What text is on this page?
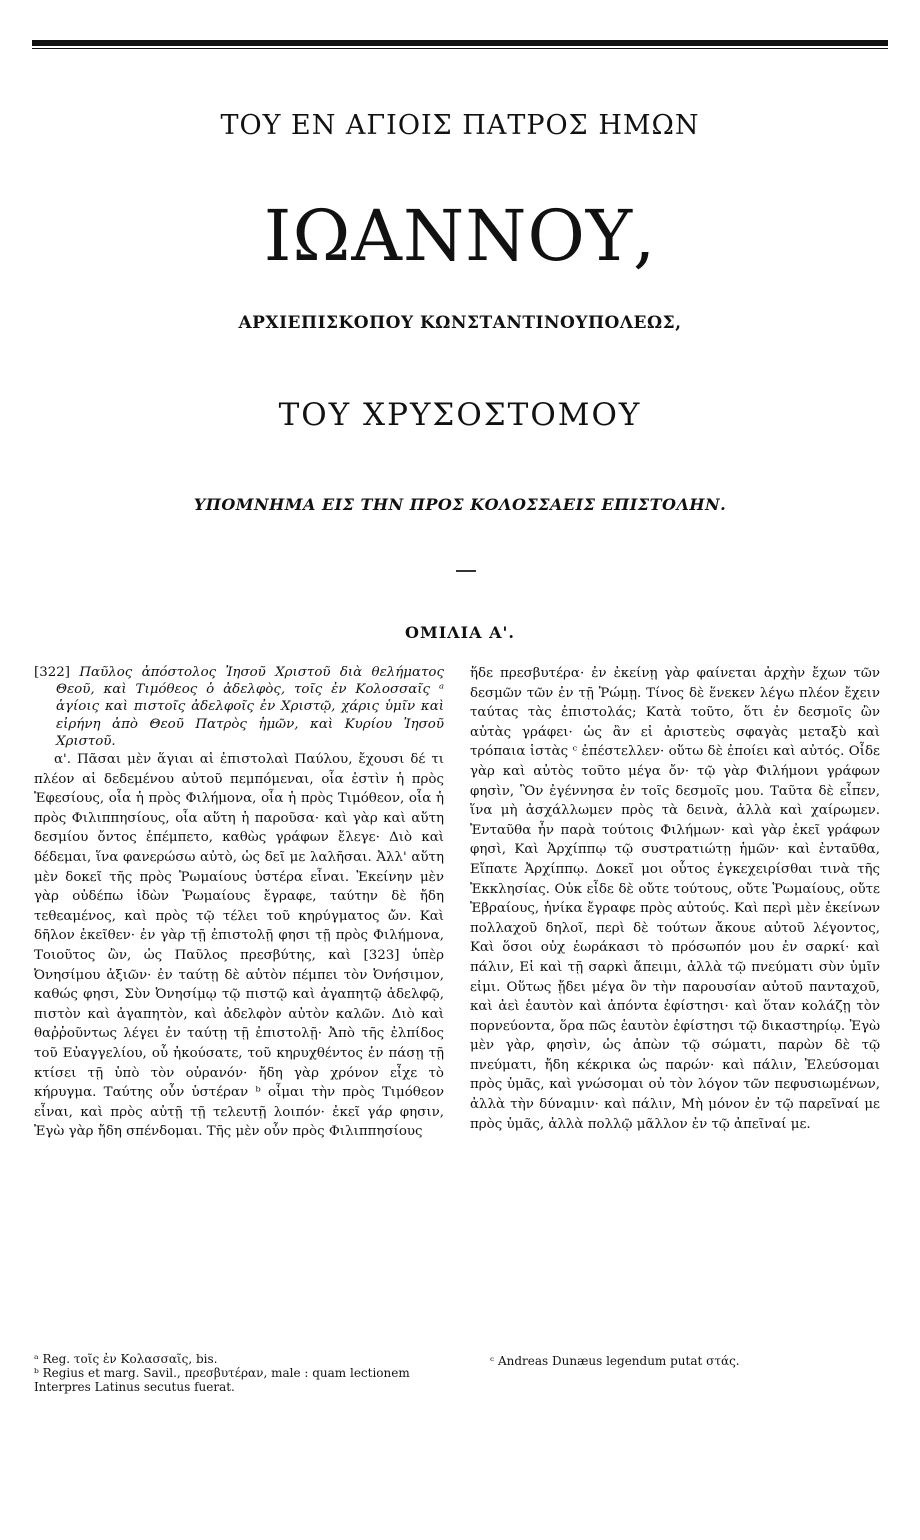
ΤΟΥ ΕΝ ΑΓΙΟΙΣ ΠΑΤΡΟΣ ΗΜΩΝ
ΙΩΑΝΝΟΥ,
ΑΡΧΙΕΠΙΣΚΟΠΟΥ ΚΩΝΣΤΑΝΤΙΝΟΥΠΟΛΕΩΣ,
ΤΟΥ ΧΡΥΣΟΣΤΟΜΟΥ
ΥΠΟΜΝΗΜΑ ΕΙΣ ΤΗΝ ΠΡΟΣ ΚΟΛΟΣΣΑΕΙΣ ΕΠΙΣΤΟΛΗΝ.
ΟΜΙΛΙΑ Α'.

[322] Παῦλος ἀπόστολος Ἰησοῦ Χριστοῦ διὰ θελήματος Θεοῦ, καὶ Τιμόθεος ὁ ἀδελφὸς, τοῖς ἐν Κολοσσαῖς ᵃ ἁγίοις καὶ πιστοῖς ἀδελφοῖς ἐν Χριστῷ, χάρις ὑμῖν καὶ εἰρήνη ἀπὸ Θεοῦ Πατρὸς ἡμῶν, καὶ Κυρίου Ἰησοῦ Χριστοῦ.

α'. Πᾶσαι μὲν ἅγιαι αἱ ἐπιστολαὶ Παύλου, ἔχουσι δέ τι πλέον αἱ δεδεμένου αὐτοῦ πεμπόμεναι, οἷα ἐστὶν ἡ πρὸς Ἐφεσίους, οἷα ἡ πρὸς Φιλήμονα, οἷα ἡ πρὸς Τιμόθεον, οἷα ἡ πρὸς Φιλιππησίους, οἷα αὕτη ἡ παροῦσα· καὶ γὰρ καὶ αὕτη δεσμίου ὄντος ἐπέμπετο, καθὼς γράφων ἔλεγε· Διὸ καὶ δέδεμαι, ἵνα φανερώσω αὐτὸ, ὡς δεῖ με λαλῆσαι. Ἀλλ' αὕτη μὲν δοκεῖ τῆς πρὸς Ῥωμαίους ὑστέρα εἶναι. Ἐκείνην μὲν γὰρ οὐδέπω ἰδὼν Ῥωμαίους ἔγραφε, ταύτην δὲ ἤδη τεθεαμένος, καὶ πρὸς τῷ τέλει τοῦ κηρύγματος ὤν. Καὶ δῆλον ἐκεῖθεν· ἐν γὰρ τῇ ἐπιστολῇ φησι τῇ πρὸς Φιλήμονα, Τοιοῦτος ὢν, ὡς Παῦλος πρεσβύτης, καὶ [323] ὑπὲρ Ὀνησίμου ἀξιῶν· ἐν ταύτῃ δὲ αὐτὸν πέμπει τὸν Ὀνήσιμον, καθώς φησι, Σὺν Ὀνησίμῳ τῷ πιστῷ καὶ ἀγαπητῷ ἀδελφῷ, πιστὸν καὶ ἀγαπητὸν, καὶ ἀδελφὸν αὐτὸν καλῶν. Διὸ καὶ θαῤῥοῦντως λέγει ἐν ταύτῃ τῇ ἐπιστολῇ· Ἀπὸ τῆς ἐλπίδος τοῦ Εὐαγγελίου, οὗ ἠκούσατε, τοῦ κηρυχθέντος ἐν πάσῃ τῇ κτίσει τῇ ὑπὸ τὸν οὐρανόν· ἤδη γὰρ χρόνον εἶχε τὸ κήρυγμα. Ταύτης οὖν ὑστέραν ᵇ οἶμαι τὴν πρὸς Τιμόθεον εἶναι, καὶ πρὸς αὐτῇ τῇ τελευτῇ λοιπόν· ἐκεῖ γάρ φησιν, Ἐγὼ γὰρ ἤδη σπένδομαι. Τῆς μὲν οὖν πρὸς Φιλιππησίους

ἥδε πρεσβυτέρα· ἐν ἐκείνῃ γὰρ φαίνεται ἀρχὴν ἔχων τῶν δεσμῶν τῶν ἐν τῇ Ῥώμῃ. Τίνος δὲ ἕνεκεν λέγω πλέον ἔχειν ταύτας τὰς ἐπιστολάς; Κατὰ τοῦτο, ὅτι ἐν δεσμοῖς ὢν αὐτὰς γράφει· ὡς ἂν εἰ ἀριστεὺς σφαγὰς μεταξὺ καὶ τρόπαια ἱστὰς ᶜ ἐπέστελλεν· οὕτω δὲ ἐποίει καὶ αὐτός. Οἶδε γὰρ καὶ αὐτὸς τοῦτο μέγα ὄν· τῷ γὰρ Φιλήμονι γράφων φησὶν, Ὃν ἐγέννησα ἐν τοῖς δεσμοῖς μου. Ταῦτα δὲ εἶπεν, ἵνα μὴ ἀσχάλλωμεν πρὸς τὰ δεινὰ, ἀλλὰ καὶ χαίρωμεν. Ἐνταῦθα ἦν παρὰ τούτοις Φιλήμων· καὶ γὰρ ἐκεῖ γράφων φησὶ, Καὶ Ἀρχίππῳ τῷ συστρατιώτῃ ἡμῶν· καὶ ἐνταῦθα, Εἴπατε Ἀρχίππῳ. Δοκεῖ μοι οὗτος ἐγκεχειρίσθαι τινὰ τῆς Ἐκκλησίας. Οὐκ εἶδε δὲ οὔτε τούτους, οὔτε Ῥωμαίους, οὔτε Ἑβραίους, ἡνίκα ἔγραφε πρὸς αὐτούς. Καὶ περὶ μὲν ἐκείνων πολλαχοῦ δηλοῖ, περὶ δὲ τούτων ἄκουε αὐτοῦ λέγοντος, Καὶ ὅσοι οὐχ ἑωράκασι τὸ πρόσωπόν μου ἐν σαρκί· καὶ πάλιν, Εἰ καὶ τῇ σαρκὶ ἄπειμι, ἀλλὰ τῷ πνεύματι σὺν ὑμῖν εἰμι. Οὕτως ᾔδει μέγα ὂν τὴν παρουσίαν αὐτοῦ πανταχοῦ, καὶ ἀεὶ ἑαυτὸν καὶ ἀπόντα ἐφίστησι· καὶ ὅταν κολάζῃ τὸν πορνεύοντα, ὅρα πῶς ἑαυτὸν ἐφίστησι τῷ δικαστηρίῳ. Ἐγὼ μὲν γὰρ, φησὶν, ὡς ἀπὼν τῷ σώματι, παρὼν δὲ τῷ πνεύματι, ἤδη κέκρικα ὡς παρών· καὶ πάλιν, Ἐλεύσομαι πρὸς ὑμᾶς, καὶ γνώσομαι οὐ τὸν λόγον τῶν πεφυσιωμένων, ἀλλὰ τὴν δύναμιν· καὶ πάλιν, Μὴ μόνον ἐν τῷ παρεῖναί με πρὸς ὑμᾶς, ἀλλὰ πολλῷ μᾶλλον ἐν τῷ ἀπεῖναί με.

ᵃ Reg. τοῖς ἐν Κολασσαῖς, bis.
ᵇ Regius et marg. Savil., πρεσβυτέραν, male : quam lectionem Interpres Latinus secutus fuerat.
ᶜ Andreas Dunæus legendum putat στάς.
